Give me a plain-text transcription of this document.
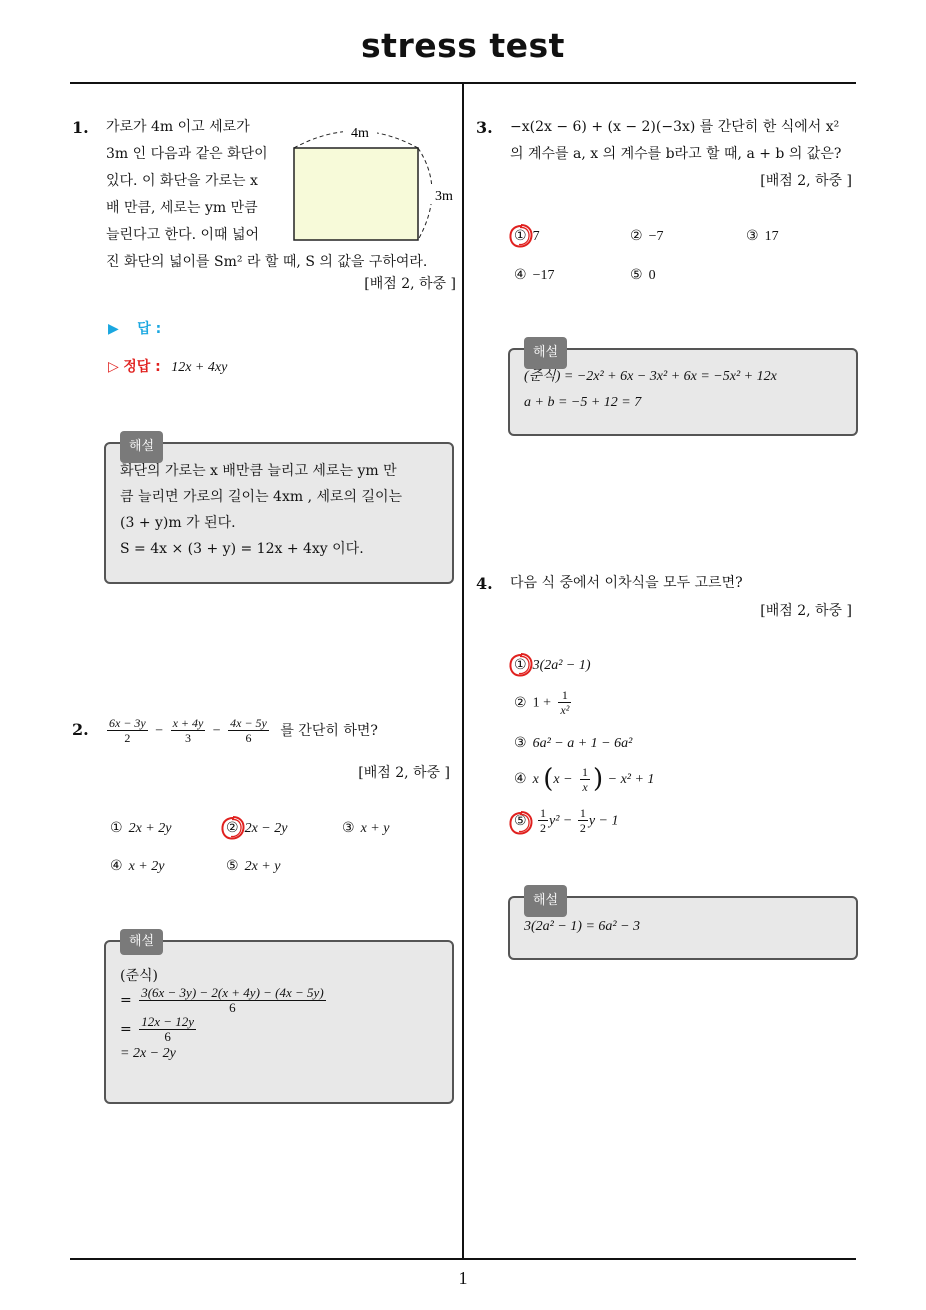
stress test
1
1. 가로가 4m 이고 세로가
3m 인 다음과 같은 화단이
있다. 이 화단을 가로는 x
배 만큼, 세로는 ym 만큼
늘린다고 한다. 이때 넓어
진 화단의 넓이를 Sm² 라 할 때, S 의 값을 구하여라.
4m
3m
[배점 2, 하중 ]
▶ 답 :
▷ 정답 : 12x + 4xy
해설
화단의 가로는 x 배만큼 늘리고 세로는 ym 만
큼 늘리면 가로의 길이는 4xm , 세로의 길이는
(3 + y)m 가 된다.
S = 4x × (3 + y) = 12x + 4xy 이다.
2. $\frac{6x - 3y}{2} - \frac{x + 4y}{3} - \frac{4x - 5y}{6}$ 를 간단히 하면?
[배점 2, 하중 ]
① 2x + 2y	② 2x − 2y	③ x + y
④ x + 2y	⑤ 2x + y
해설
(준식)
= $\frac{3(6x - 3y) - 2(x + 4y) - (4x - 5y)}{6}$
= $\frac{12x - 12y}{6}$
= 2x − 2y
3. −x(2x − 6) + (x − 2)(−3x) 를 간단히 한 식에서 x²
의 계수를 a, x 의 계수를 b라고 할 때, a + b 의 값은?
[배점 2, 하중 ]
① 7	② −7	③ 17
④ −17	⑤ 0
해설
(준식) = −2x² + 6x − 3x² + 6x = −5x² + 12x
a + b = −5 + 12 = 7
4. 다음 식 중에서 이차식을 모두 고르면?
[배점 2, 하중 ]
① 3(2a² − 1)
② $1 + \frac{1}{\text{x²}}$
③ 6a² − a + 1 − 6a²
④ x ($x - \frac{1}{x}$ ) − x² + 1
⑤ $\frac{1}{2} y^2 - \frac{1}{2}$ y − 1
해설
3(2a² − 1) = 6a² − 3
